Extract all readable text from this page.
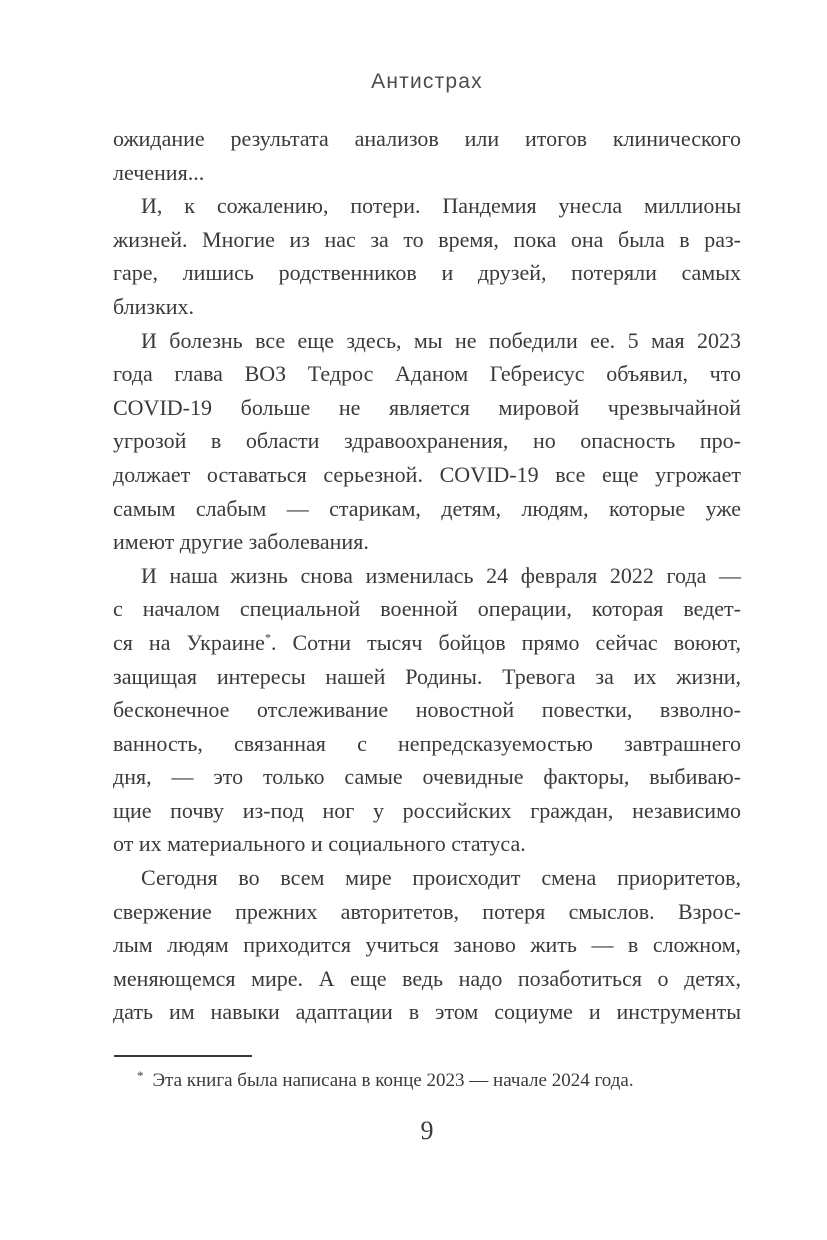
Антистрах
ожидание результата анализов или итогов клинического
лечения...
И, к сожалению, потери. Пандемия унесла миллионы
жизней. Многие из нас за то время, пока она была в раз-
гаре, лишись родственников и друзей, потеряли самых
близких.
И болезнь все еще здесь, мы не победили ее. 5 мая 2023
года глава ВОЗ Тедрос Аданом Гебреисус объявил, что
COVID-19 больше не является мировой чрезвычайной
угрозой в области здравоохранения, но опасность про-
должает оставаться серьезной. COVID-19 все еще угрожает
самым слабым — старикам, детям, людям, которые уже
имеют другие заболевания.
И наша жизнь снова изменилась 24 февраля 2022 года —
с началом специальной военной операции, которая ведет-
ся на Украине*. Сотни тысяч бойцов прямо сейчас воюют,
защищая интересы нашей Родины. Тревога за их жизни,
бесконечное отслеживание новостной повестки, взволно-
ванность, связанная с непредсказуемостью завтрашнего
дня, — это только самые очевидные факторы, выбиваю-
щие почву из-под ног у российских граждан, независимо
от их материального и социального статуса.
Сегодня во всем мире происходит смена приоритетов,
свержение прежних авторитетов, потеря смыслов. Взрос-
лым людям приходится учиться заново жить — в сложном,
меняющемся мире. А еще ведь надо позаботиться о детях,
дать им навыки адаптации в этом социуме и инструменты
* Эта книга была написана в конце 2023 — начале 2024 года.
9
